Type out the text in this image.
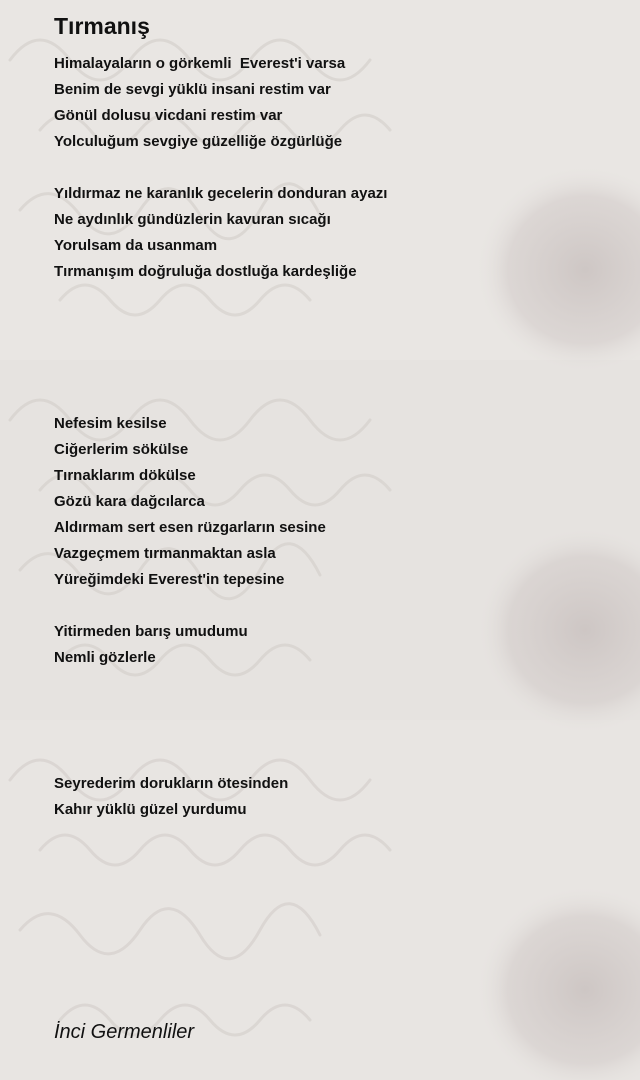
Tırmanış
Himalayaların o görkemli  Everest'i varsa
Benim de sevgi yüklü insani restim var
Gönül dolusu vicdani restim var
Yolculuğum sevgiye güzelliğe özgürlüğe
Yıldırmaz ne karanlık gecelerin donduran ayazı
Ne aydınlık gündüzlerin kavuran sıcağı
Yorulsam da usanmam
Tırmanışım doğruluğa dostluğa kardeşliğe
Nefesim kesilse
Ciğerlerim sökülse
Tırnaklarım dökülse
Gözü kara dağcılarca
Aldırmam sert esen rüzgarların sesine
Vazgeçmem tırmanmaktan asla
Yüreğimdeki Everest'in tepesine
Yitirmeden barış umudumu
Nemli gözlerle
Seyrederim dorukların ötesinden
Kahır yüklü güzel yurdumu
İnci Germenliler
